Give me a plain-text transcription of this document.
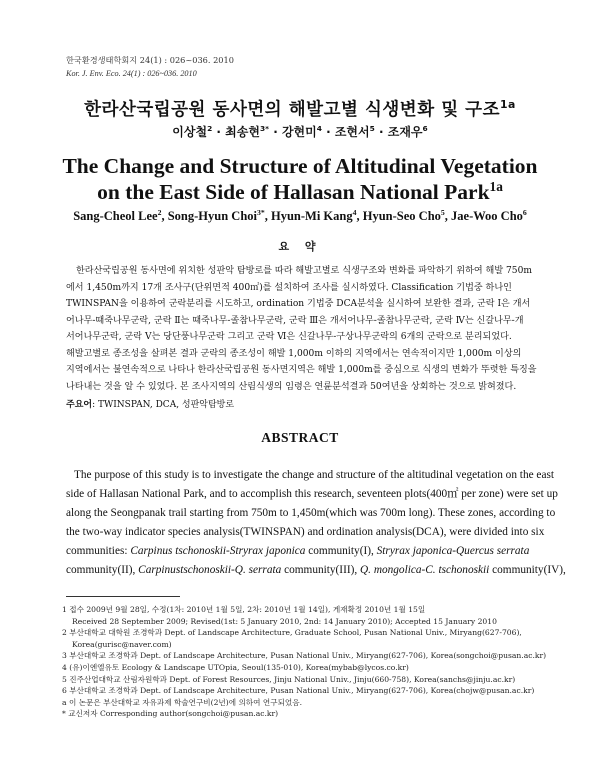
한국환경생태학회지 24(1) : 026~036. 2010
Kor. J. Env. Eco. 24(1) : 026~036. 2010
한라산국립공원 동사면의 해발고별 식생변화 및 구조$^{1a}$
이상철$^2$ · 최송현$^{3*}$ · 강현미$^4$ · 조현서$^5$ · 조재우$^6$
The Change and Structure of Altitudinal Vegetation
on the East Side of Hallasan National Park$^{1a}$
Sang-Cheol Lee$^2$, Song-Hyun Choi$^{3*}$, Hyun-Mi Kang$^4$, Hyun-Seo Cho$^5$, Jae-Woo Cho$^6$
요 약

한라산국립공원 동사면에 위치한 성판악 탐방로를 따라 해발고별로 식생구조와 변화를 파악하기 위하여 해발 750m

에서 1,450m까지 17개 조사구(단위면적 400㎡)를 설치하여 조사를 실시하였다. Classification 기법중 하나인

TWINSPAN을 이용하여 군락분리를 시도하고, ordination 기법중 DCA분석을 실시하여 보완한 결과, 군락 Ⅰ은 개서

어나무-때죽나무군락, 군락 Ⅱ는 때죽나무-졸참나무군락, 군락 Ⅲ은 개서어나무-졸참나무군락, 군락 Ⅳ는 신갈나무-개

서어나무군락, 군락 Ⅴ는 당단풍나무군락 그리고 군락 Ⅵ은 신갈나무-구상나무군락의 6개의 군락으로 분리되었다.

해발고별로 종조성을 살펴본 결과 군락의 종조성이 해발 1,000m 이하의 지역에서는 연속적이지만 1,000m 이상의

지역에서는 불연속적으로 나타나 한라산국립공원 동사면지역은 해발 1,000m를 중심으로 식생의 변화가 뚜렷한 특징을

나타내는 것을 알 수 있었다. 본 조사지역의 산림식생의 임령은 연륜분석결과 50여년을 상회하는 것으로 밝혀졌다.

주요어: TWINSPAN, DCA, 성판악탐방로
ABSTRACT

The purpose of this study is to investigate the change and structure of the altitudinal vegetation on the east

side of Hallasan National Park, and to accomplish this research, seventeen plots(400㎡ per zone) were set up

along the Seongpanak trail starting from 750m to 1,450m(which was 700m long). These zones, according to

the two-way indicator species analysis(TWINSPAN) and ordination analysis(DCA), were divided into six

communities: Carpinus tschonoskii-Stryrax japonica community(I), Stryrax japonica-Quercus serrata

community(II), Carpinustschonoskii-Q. serrata community(III), Q. mongolica-C. tschonoskii community(IV),

1 접수 2009년 9월 28일, 수정(1차: 2010년 1월 5일, 2차: 2010년 1월 14일), 게재확정 2010년 1월 15일
Received 28 September 2009; Revised(1st: 5 January 2010, 2nd: 14 January 2010); Accepted 15 January 2010
2 부산대학교 대학원 조경학과 Dept. of Landscape Architecture, Graduate School, Pusan National Univ., Miryang(627-706),
Korea(gurisc@naver.com)
3 부산대학교 조경학과 Dept. of Landscape Architecture, Pusan National Univ., Miryang(627-706), Korea(songchoi@pusan.ac.kr)
4 (유)이엔엘유토 Ecology & Landscape UTOpia, Seoul(135-010), Korea(mybab@lycos.co.kr)
5 진주산업대학교 산림자원학과 Dept. of Forest Resources, Jinju National Univ., Jinju(660-758), Korea(sanchs@jinju.ac.kr)
6 부산대학교 조경학과 Dept. of Landscape Architecture, Pusan National Univ., Miryang(627-706), Korea(chojw@pusan.ac.kr)
a 이 논문은 부산대학교 자유과제 학술연구비(2년)에 의하여 연구되었음.
* 교신저자 Corresponding author(songchoi@pusan.ac.kr)
